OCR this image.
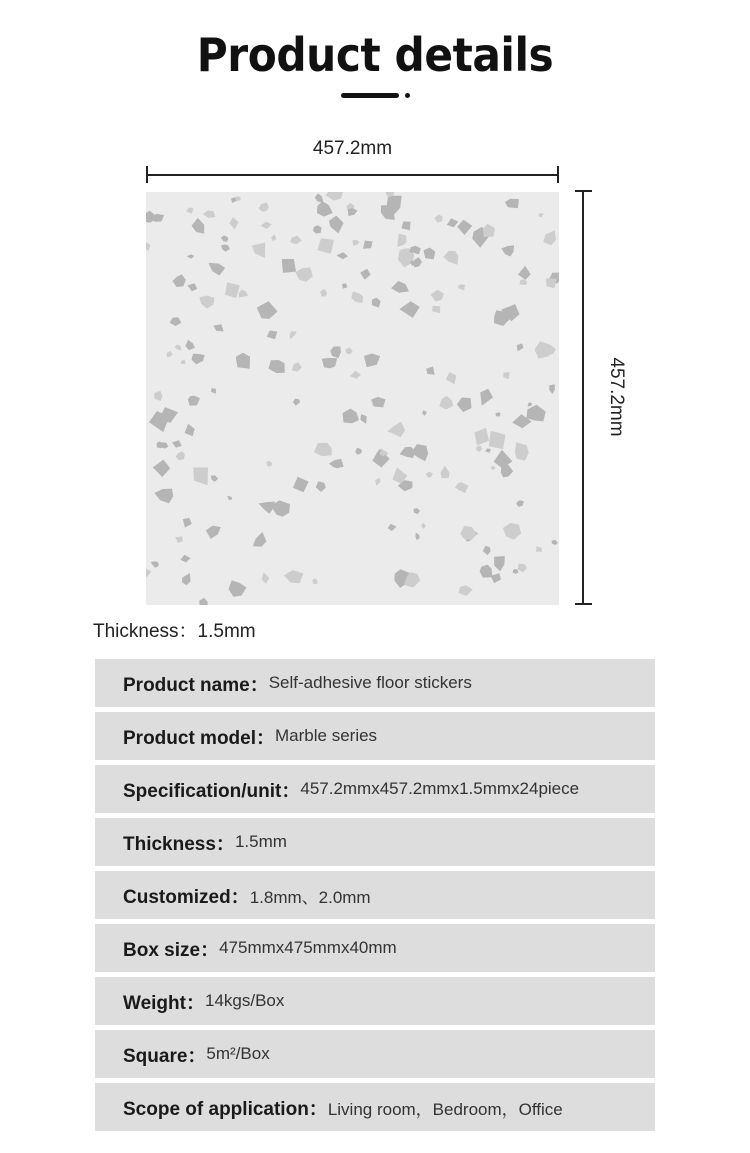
Product details
457.2mm
457.2mm
Thickness：1.5mm
Product name： Self-adhesive floor stickers
Product model： Marble series
Specification/unit： 457.2mmx457.2mmx1.5mmx24piece
Thickness： 1.5mm
Customized： 1.8mm、2.0mm
Box size： 475mmx475mmx40mm
Weight： 14kgs/Box
Square： 5m²/Box
Scope of application： Living room，Bedroom，Office
